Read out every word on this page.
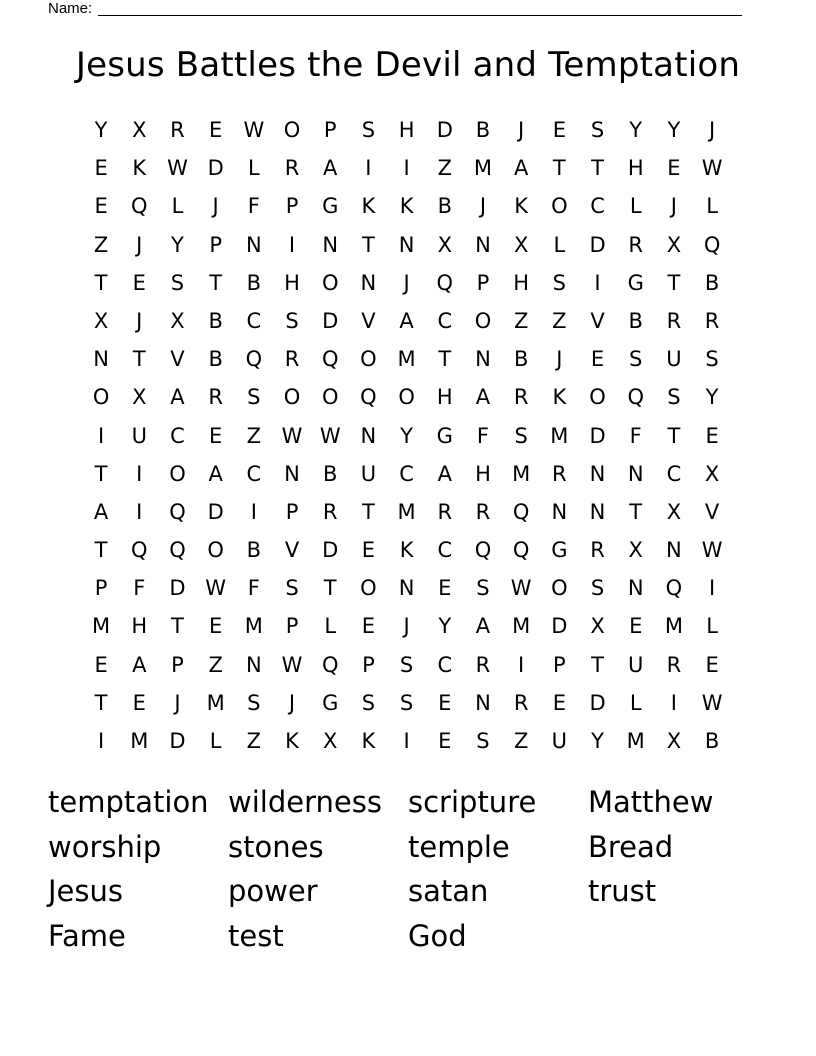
Name:
Jesus Battles the Devil and Temptation
Y	X	R	E	W O	P	S	H	D	B	J	E	S	Y	Y	J
E	K W D	L	R	A	I	I	Z	M	A	T	T	H	E	W
E	Q	L	J	F	P	G	K	K	B	J	K	O	C	L	J	L
Z	J	Y	P	N	I	N	T	N	X	N	X	L	D	R	X	Q
T	E	S	T	B	H	O	N	J	Q	P	H	S	I	G	T	B
X	J	X	B	C	S	D	V	A	C	O	Z	Z	V	B	R	R
N	T	V	B	Q	R	Q	O M	T	N	B	J	E	S	U	S
O	X	A	R	S	O	O	Q	O	H	A	R	K	O	Q	S	Y
I	U	C	E	Z W W N	Y	G	F	S	M	D	F	T	E
T	I	O	A	C	N	B	U	C	A	H	M	R	N	N	C	X
A	I	Q	D	I	P	R	T	M	R	R	Q	N	N	T	X	V
T	Q	Q	O	B	V	D	E	K	C	Q	Q	G	R	X	N W
P	F	D W	F	S	T	O	N	E	S	W O	S	N	Q	I
M	H	T	E	M	P	L	E	J	Y	A	M	D	X	E	M	L
E	A	P	Z	N W Q	P	S	C	R	I	P	T	U	R	E
T	E	J	M	S	J	G	S	S	E	N	R	E	D	L	I	W
I	M	D	L	Z	K	X	K	I	E	S	Z	U	Y	M	X	B
temptation wilderness scripture	Matthew
worship	stones	temple	Bread
Jesus	power	satan	trust
Fame	test	God
